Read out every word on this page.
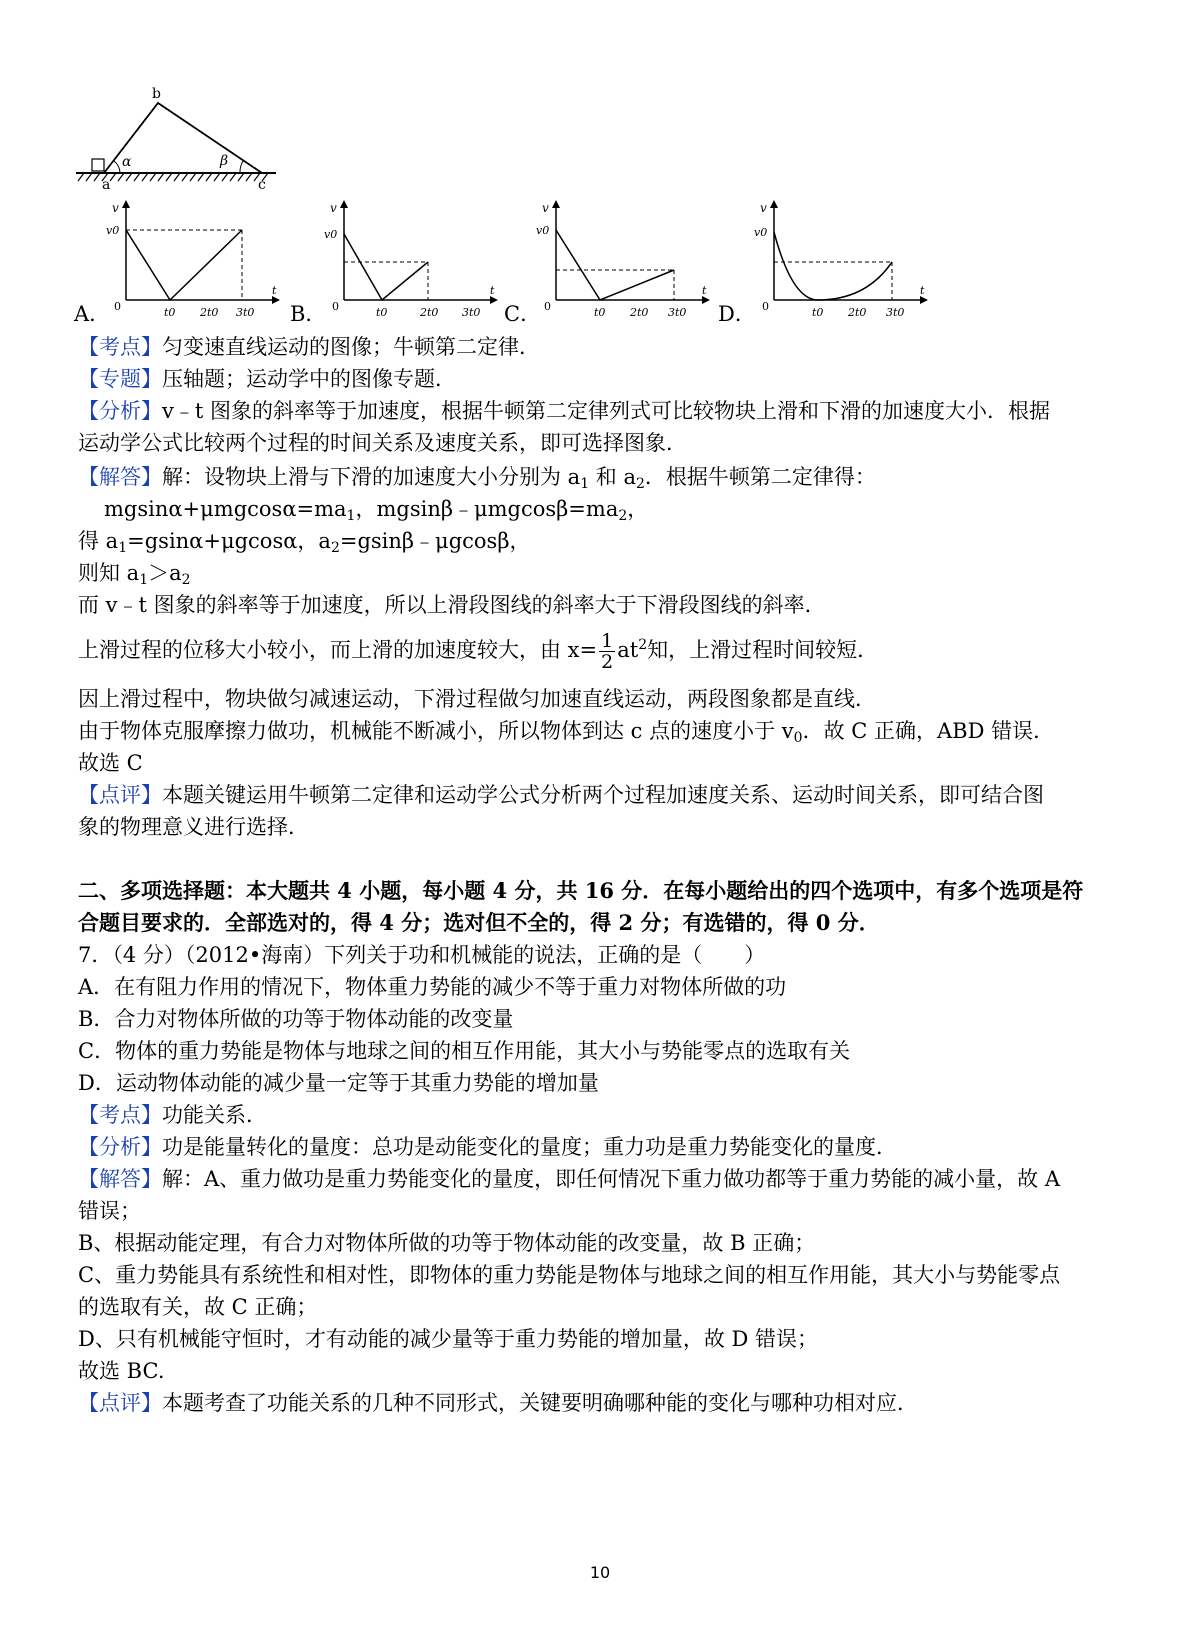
b
a	c
α	β
A．	B．	C．	D．
v
v0
0
t
t0 2t0 3t0
v
v0
0
t
t0	2t0 3t0
v
v0
0
t
t0 2t0 3t0
v
v0
0
t
t0 2t0 3t0
【考点】匀变速直线运动的图像；牛顿第二定律．
【专题】压轴题；运动学中的图像专题．
【分析】v﹣t 图象的斜率等于加速度，根据牛顿第二定律列式可比较物块上滑和下滑的加速度大小．根据
运动学公式比较两个过程的时间关系及速度关系，即可选择图象．
【解答】解：设物块上滑与下滑的加速度大小分别为 $a_1$ 和 $a_2$．根据牛顿第二定律得：
$mgsin\alpha+\mu mgcos\alpha=ma_1$，$mgsin\beta﹣\mu mgcos\beta=ma_2$，
得 $a_1=gsin\alpha+\mu gcos\alpha$，$a_2=gsin\beta﹣\mu gcos\beta$，
则知 $a_1>a_2$
而 v﹣t 图象的斜率等于加速度，所以上滑段图线的斜率大于下滑段图线的斜率．
上滑过程的位移大小较小，而上滑的加速度较大，由 $x= \frac{1}{2} at^2$知，上滑过程时间较短．
因上滑过程中，物块做匀减速运动，下滑过程做匀加速直线运动，两段图象都是直线．
由于物体克服摩擦力做功，机械能不断减小，所以物体到达 c 点的速度小于 $v_0$．故 C 正确，ABD 错误．
故选 C
【点评】本题关键运用牛顿第二定律和运动学公式分析两个过程加速度关系、运动时间关系，即可结合图
象的物理意义进行选择．
二、多项选择题：本大题共 4 小题，每小题 4 分，共 16 分．在每小题给出的四个选项中，有多个选项是符
合题目要求的．全部选对的，得 4 分；选对但不全的，得 2 分；有选错的，得 0 分．
7．（4 分）（2012•海南）下列关于功和机械能的说法，正确的是（　　）
A．在有阻力作用的情况下，物体重力势能的减少不等于重力对物体所做的功
B．合力对物体所做的功等于物体动能的改变量
C．物体的重力势能是物体与地球之间的相互作用能，其大小与势能零点的选取有关
D．运动物体动能的减少量一定等于其重力势能的增加量
【考点】功能关系．
【分析】功是能量转化的量度：总功是动能变化的量度；重力功是重力势能变化的量度．
【解答】解：A、重力做功是重力势能变化的量度，即任何情况下重力做功都等于重力势能的减小量，故 A
错误；
B、根据动能定理，有合力对物体所做的功等于物体动能的改变量，故 B 正确；
C、重力势能具有系统性和相对性，即物体的重力势能是物体与地球之间的相互作用能，其大小与势能零点
的选取有关，故 C 正确；
D、只有机械能守恒时，才有动能的减少量等于重力势能的增加量，故 D 错误；
故选 BC.
【点评】本题考查了功能关系的几种不同形式，关键要明确哪种能的变化与哪种功相对应．
10
